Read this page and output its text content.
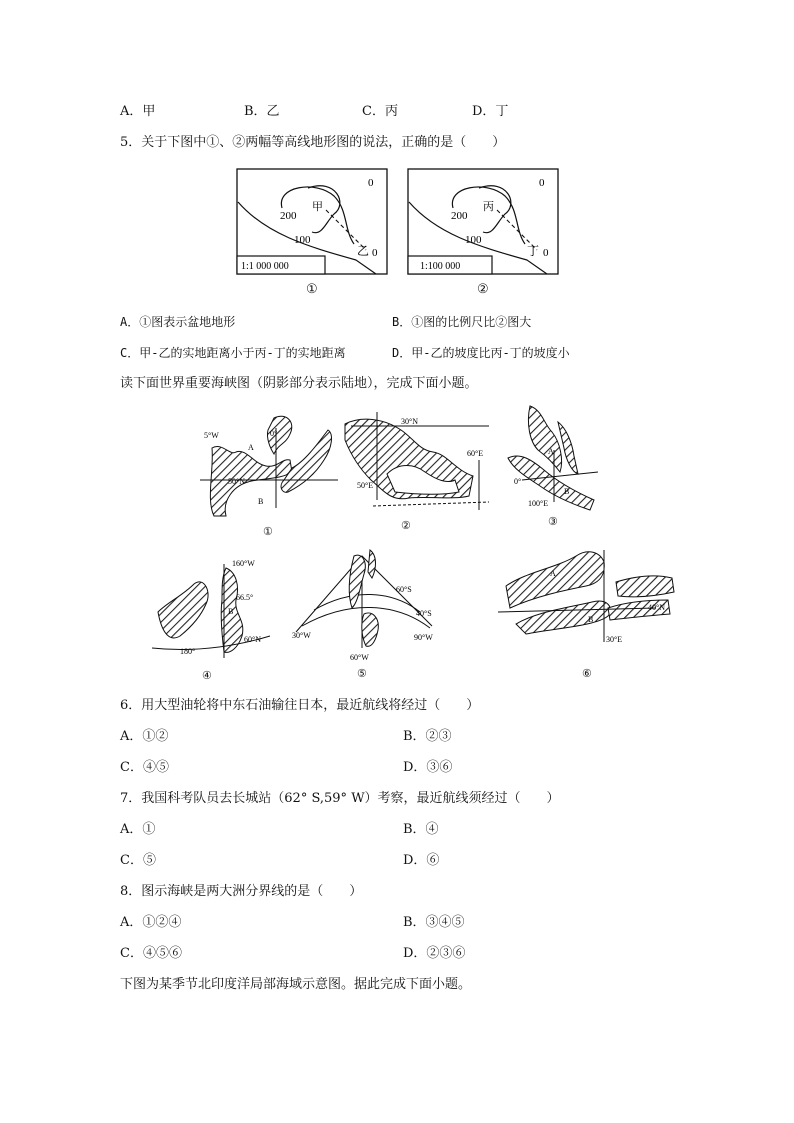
A．甲	B．乙	C．丙	D．丁
5．关于下图中①、②两幅等高线地形图的说法，正确的是（　　）
0
100
200
甲
乙 0
1:1 000 000
①
0
100
200
丙
丁 0
1:100 000
②
A．①图表示盆地地形	B．①图的比例尺比②图大
C．甲-乙的实地距离小于丙-丁的实地距离	D．甲-乙的坡度比丙-丁的坡度小
读下面世界重要海峡图（阴影部分表示陆地），完成下面小题。
5°W	0°
A
50°N
B
①
30°N
60°E
50°E
②
A
0°
B
100°E
③
160°W
66.5°
B
60°N
180°
④
60°S
40°S
30°W
60°W
90°W
⑤
A
40°N
B
30°E
⑥
6．用大型油轮将中东石油输往日本，最近航线将经过（　　）
A．①②	B．②③
C．④⑤	D．③⑥
7．我国科考队员去长城站（62° S,59° W）考察，最近航线须经过（　　）
A．①	B．④
C．⑤	D．⑥
8．图示海峡是两大洲分界线的是（　　）
A．①②④	B．③④⑤
C．④⑤⑥	D．②③⑥
下图为某季节北印度洋局部海域示意图。据此完成下面小题。
